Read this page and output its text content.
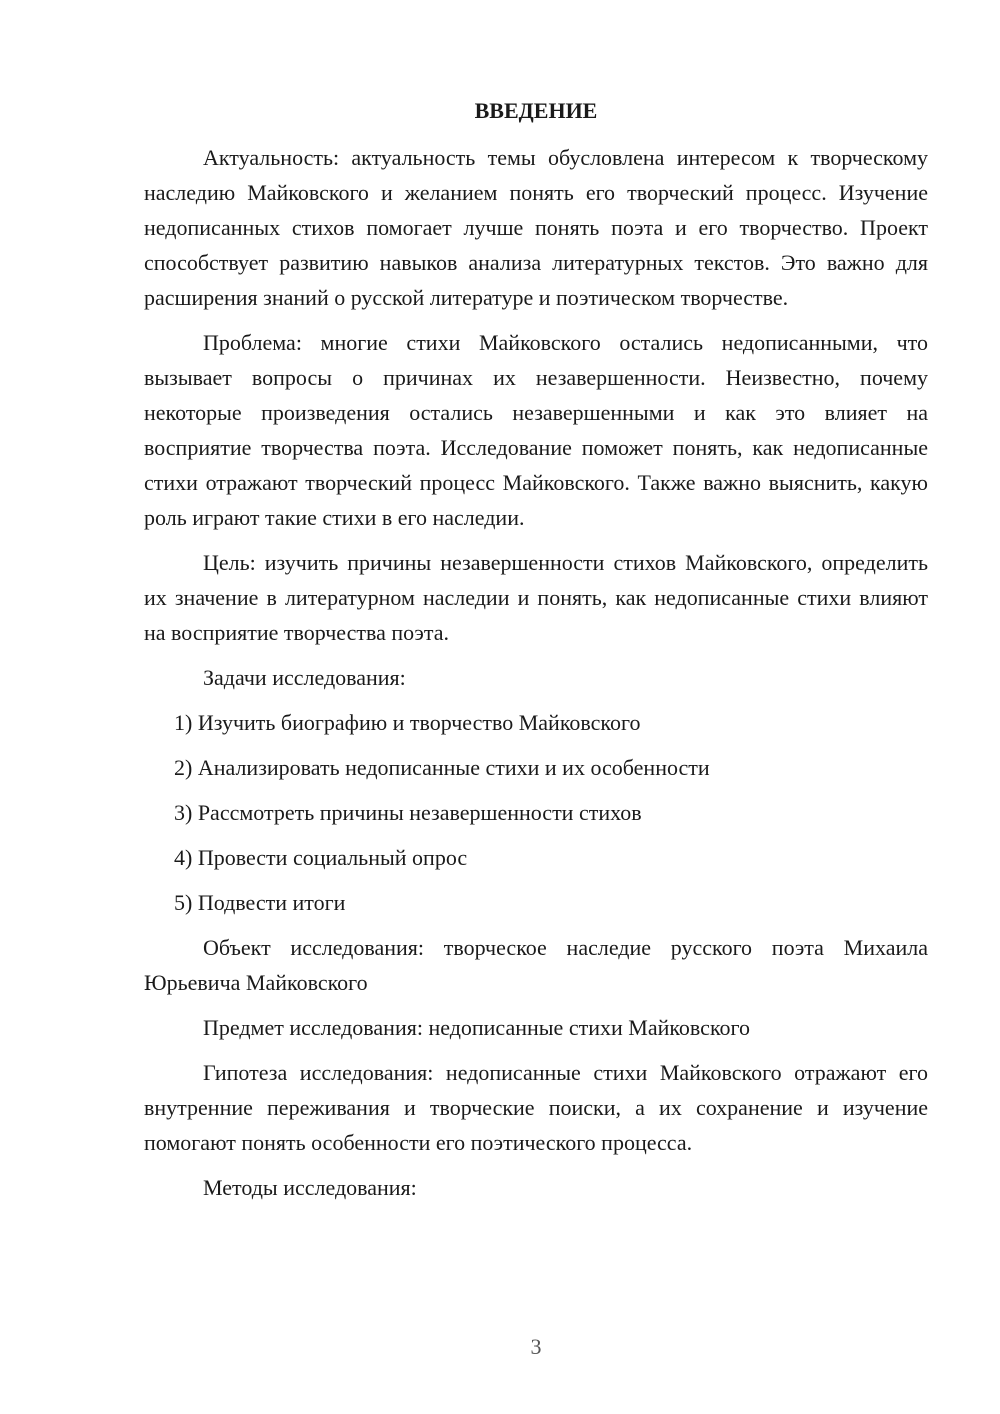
ВВЕДЕНИЕ

Актуальность: актуальность темы обусловлена интересом к творческому наследию Майковского и желанием понять его творческий процесс. Изучение недописанных стихов помогает лучше понять поэта и его творчество. Проект способствует развитию навыков анализа литературных текстов. Это важно для расширения знаний о русской литературе и поэтическом творчестве.

Проблема: многие стихи Майковского остались недописанными, что вызывает вопросы о причинах их незавершенности. Неизвестно, почему некоторые произведения остались незавершенными и как это влияет на восприятие творчества поэта. Исследование поможет понять, как недописанные стихи отражают творческий процесс Майковского. Также важно выяснить, какую роль играют такие стихи в его наследии.

Цель: изучить причины незавершенности стихов Майковского, определить их значение в литературном наследии и понять, как недописанные стихи влияют на восприятие творчества поэта.

Задачи исследования:

1) Изучить биографию и творчество Майковского

2) Анализировать недописанные стихи и их особенности

3) Рассмотреть причины незавершенности стихов

4) Провести социальный опрос

5) Подвести итоги

Объект исследования: творческое наследие русского поэта Михаила Юрьевича Майковского

Предмет исследования: недописанные стихи Майковского

Гипотеза исследования: недописанные стихи Майковского отражают его внутренние переживания и творческие поиски, а их сохранение и изучение помогают понять особенности его поэтического процесса.

Методы исследования:

3
